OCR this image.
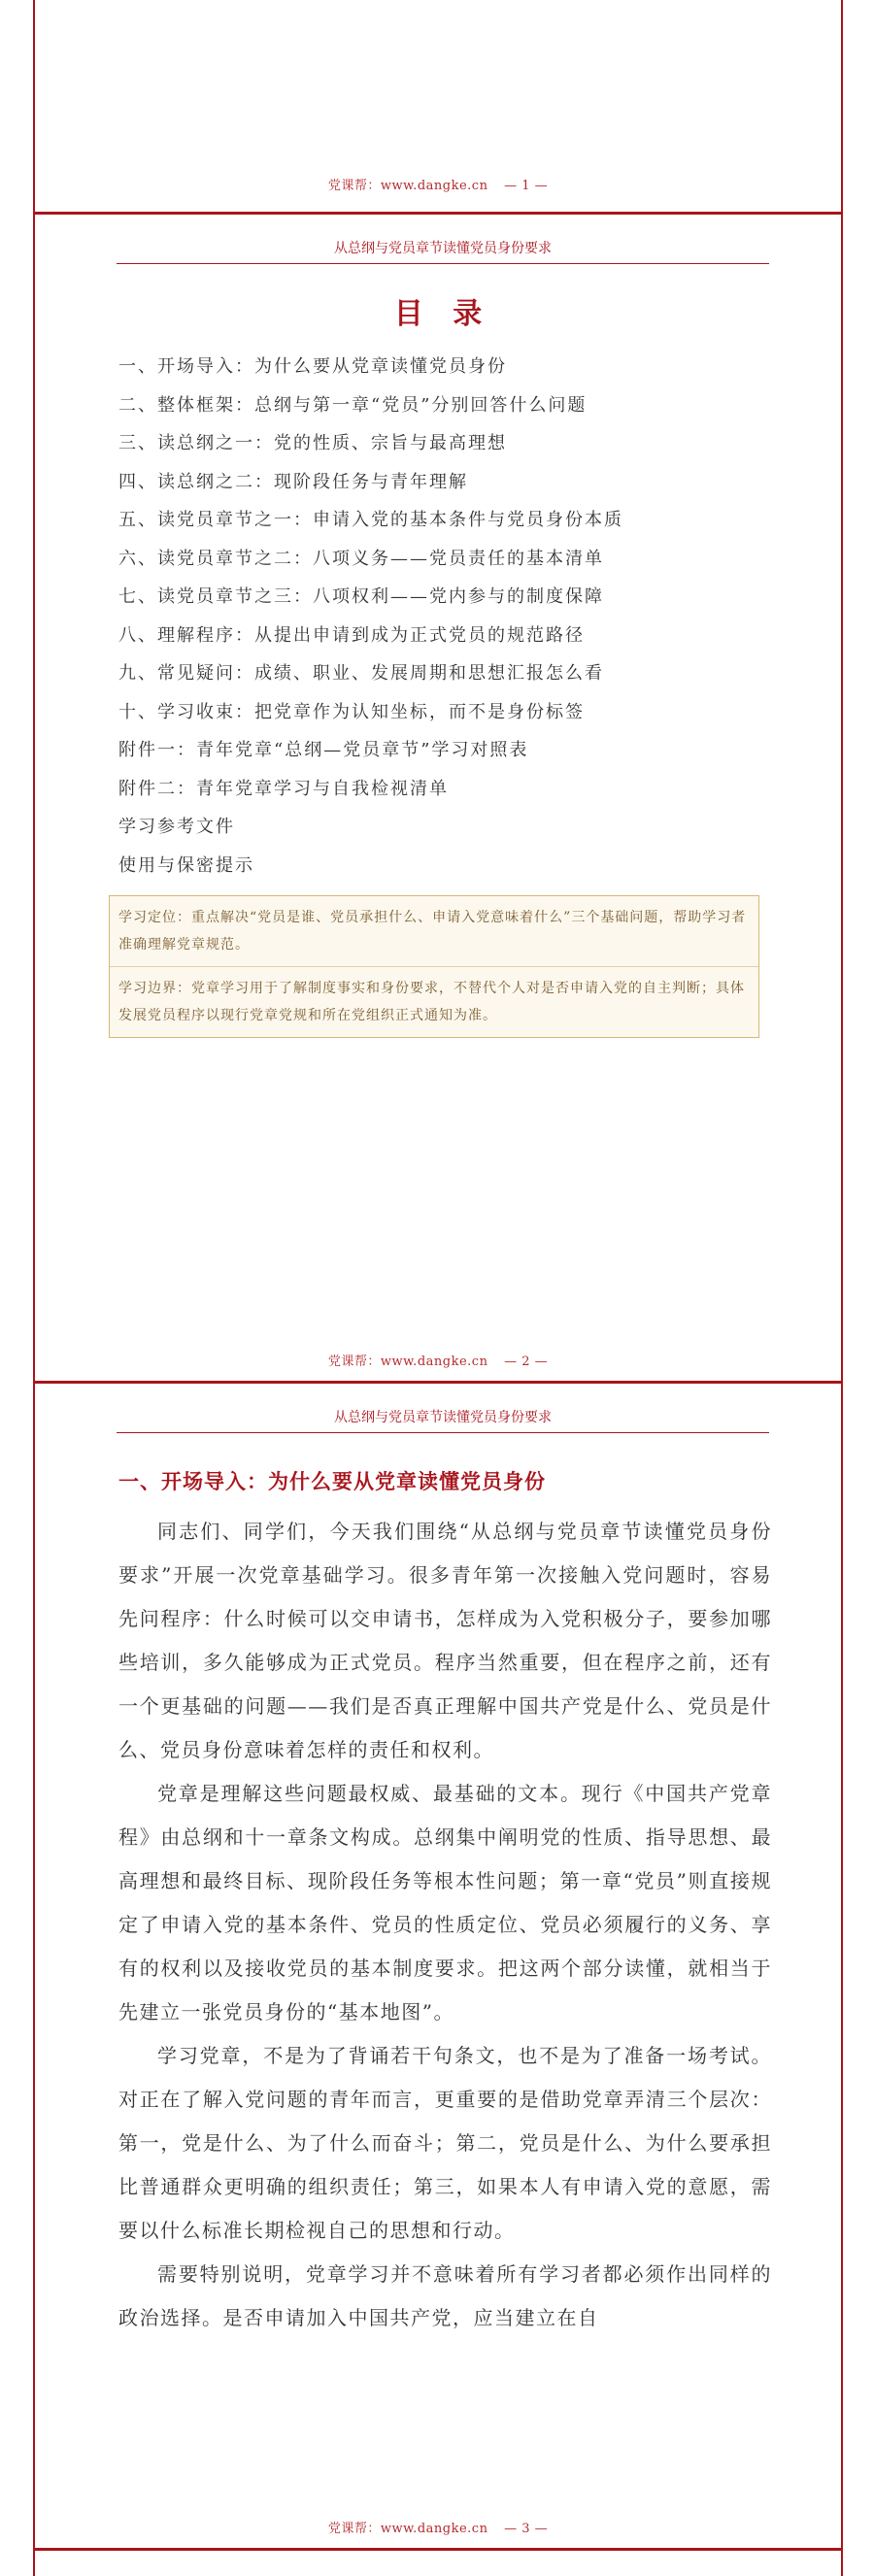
党课帮：www.dangke.cn — 1 —
从总纲与党员章节读懂党员身份要求
目 录
一、开场导入：为什么要从党章读懂党员身份
二、整体框架：总纲与第一章“党员”分别回答什么问题
三、读总纲之一：党的性质、宗旨与最高理想
四、读总纲之二：现阶段任务与青年理解
五、读党员章节之一：申请入党的基本条件与党员身份本质
六、读党员章节之二：八项义务——党员责任的基本清单
七、读党员章节之三：八项权利——党内参与的制度保障
八、理解程序：从提出申请到成为正式党员的规范路径
九、常见疑问：成绩、职业、发展周期和思想汇报怎么看
十、学习收束：把党章作为认知坐标，而不是身份标签
附件一：青年党章“总纲—党员章节”学习对照表
附件二：青年党章学习与自我检视清单
学习参考文件
使用与保密提示
学习定位：重点解决“党员是谁、党员承担什么、申请入党意味着什么”三个基础问题，帮助学习者准确理解党章规范。
学习边界：党章学习用于了解制度事实和身份要求，不替代个人对是否申请入党的自主判断；具体发展党员程序以现行党章党规和所在党组织正式通知为准。
党课帮：www.dangke.cn — 2 —
从总纲与党员章节读懂党员身份要求
一、开场导入：为什么要从党章读懂党员身份

同志们、同学们，今天我们围绕“从总纲与党员章节读懂党员身份要求”开展一次党章基础学习。很多青年第一次接触入党问题时，容易先问程序：什么时候可以交申请书，怎样成为入党积极分子，要参加哪些培训，多久能够成为正式党员。程序当然重要，但在程序之前，还有一个更基础的问题——我们是否真正理解中国共产党是什么、党员是什么、党员身份意味着怎样的责任和权利。

党章是理解这些问题最权威、最基础的文本。现行《中国共产党章程》由总纲和十一章条文构成。总纲集中阐明党的性质、指导思想、最高理想和最终目标、现阶段任务等根本性问题；第一章“党员”则直接规定了申请入党的基本条件、党员的性质定位、党员必须履行的义务、享有的权利以及接收党员的基本制度要求。把这两个部分读懂，就相当于先建立一张党员身份的“基本地图”。

学习党章，不是为了背诵若干句条文，也不是为了准备一场考试。对正在了解入党问题的青年而言，更重要的是借助党章弄清三个层次：第一，党是什么、为了什么而奋斗；第二，党员是什么、为什么要承担比普通群众更明确的组织责任；第三，如果本人有申请入党的意愿，需要以什么标准长期检视自己的思想和行动。

需要特别说明，党章学习并不意味着所有学习者都必须作出同样的政治选择。是否申请加入中国共产党，应当建立在自

党课帮：www.dangke.cn — 3 —
